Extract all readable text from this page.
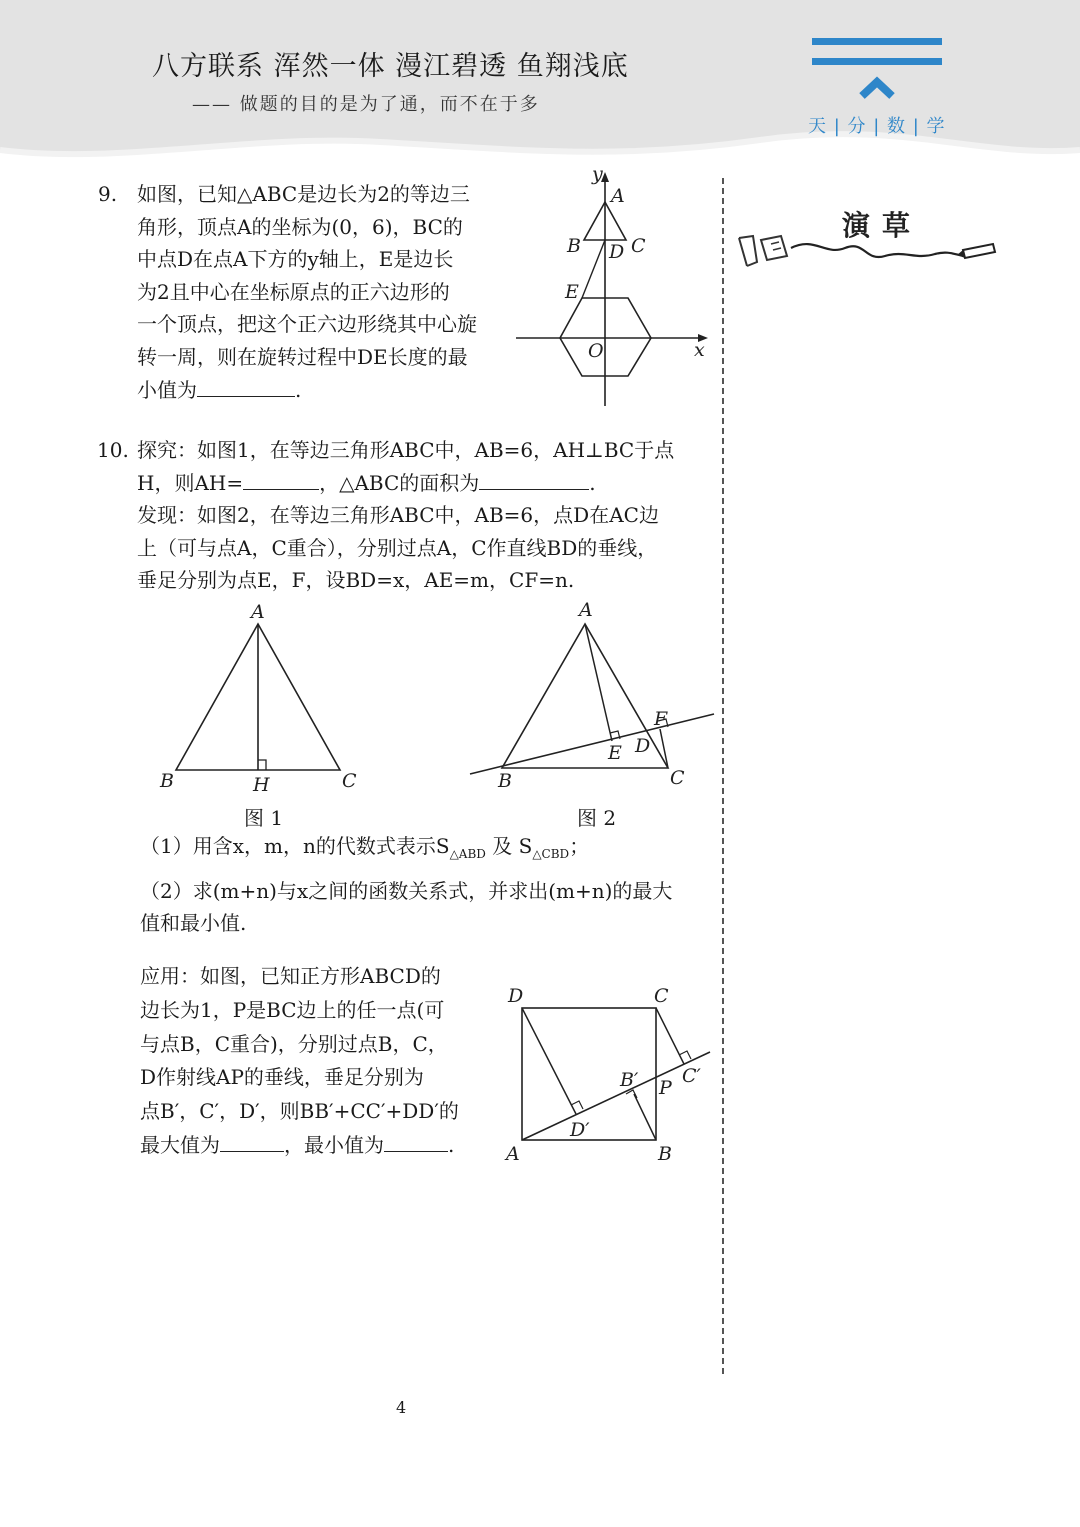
八方联系 浑然一体 漫江碧透 鱼翔浅底
—— 做题的目的是为了通，而不在于多
天 | 分 | 数 | 学
演草
9. 如图，已知△ABC是边长为2的等边三
角形，顶点A的坐标为(0，6)，BC的
中点D在点A下方的y轴上，E是边长
为2且中心在坐标原点的正六边形的
一个顶点，把这个正六边形绕其中心旋
转一周，则在旋转过程中DE长度的最
小值为	.
y
A
B D C
E
O	x
10. 探究：如图1，在等边三角形ABC中，AB=6，AH⊥BC于点
H，则AH=	，△ABC的面积为	.
发现：如图2，在等边三角形ABC中，AB=6，点D在AC边
上（可与点A，C重合），分别过点A，C作直线BD的垂线，
垂足分别为点E，F，设BD=x，AE=m，CF=n.
A
B	H	C
图 1
A
B
E D
F
C
图 2
（1）用含x，m，n的代数式表示$S_{\triangle ABD}$ 及 $S_{\triangle CBD}$；
（2）求(m+n)与x之间的函数关系式，并求出(m+n)的最大
值和最小值.
应用：如图，已知正方形ABCD的
边长为1，P是BC边上的任一点(可
与点B，C重合)，分别过点B，C，
D作射线AP的垂线，垂足分别为
点B′，C′，D′，则BB′+CC′+DD′的
最大值为	，最小值为	.
D	C
A	B
P
B′ C′
D′
4
